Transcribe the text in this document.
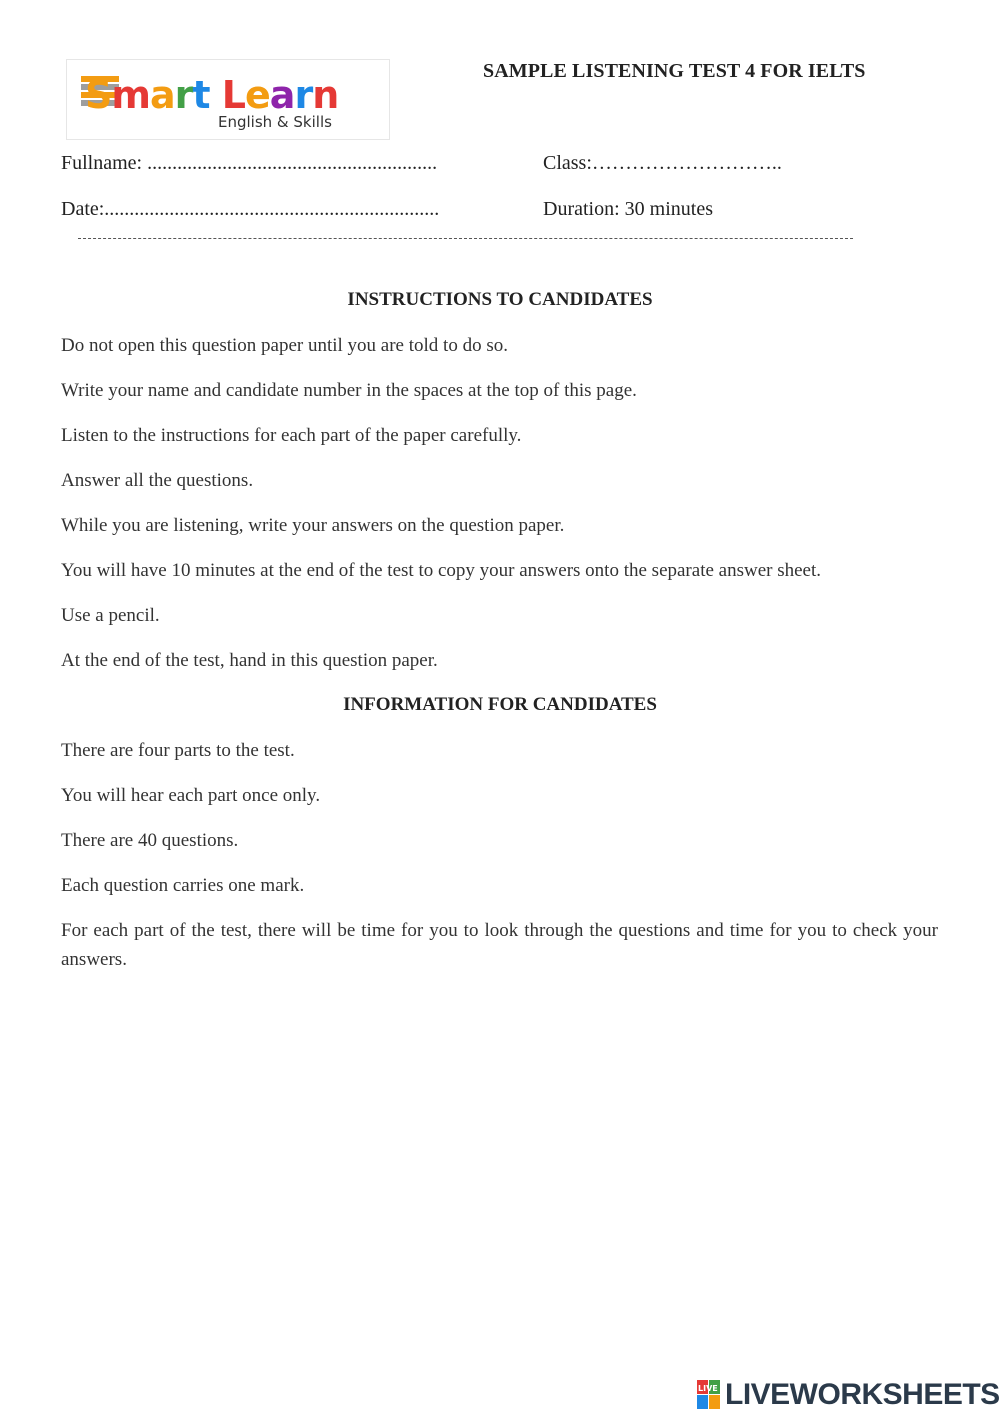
Smart Learn
English & Skills
SAMPLE LISTENING TEST 4 FOR IELTS
Fullname: ..........................................................	Class:………………………..
Date:...................................................................	Duration: 30 minutes
INSTRUCTIONS TO CANDIDATES
Do not open this question paper until you are told to do so.
Write your name and candidate number in the spaces at the top of this page.
Listen to the instructions for each part of the paper carefully.
Answer all the questions.
While you are listening, write your answers on the question paper.
You will have 10 minutes at the end of the test to copy your answers onto the separate answer sheet.
Use a pencil.
At the end of the test, hand in this question paper.
INFORMATION FOR CANDIDATES
There are four parts to the test.
You will hear each part once only.
There are 40 questions.
Each question carries one mark.
For each part of the test, there will be time for you to look through the questions and time for you to check your answers.
LIVE LIVEWORKSHEETS
